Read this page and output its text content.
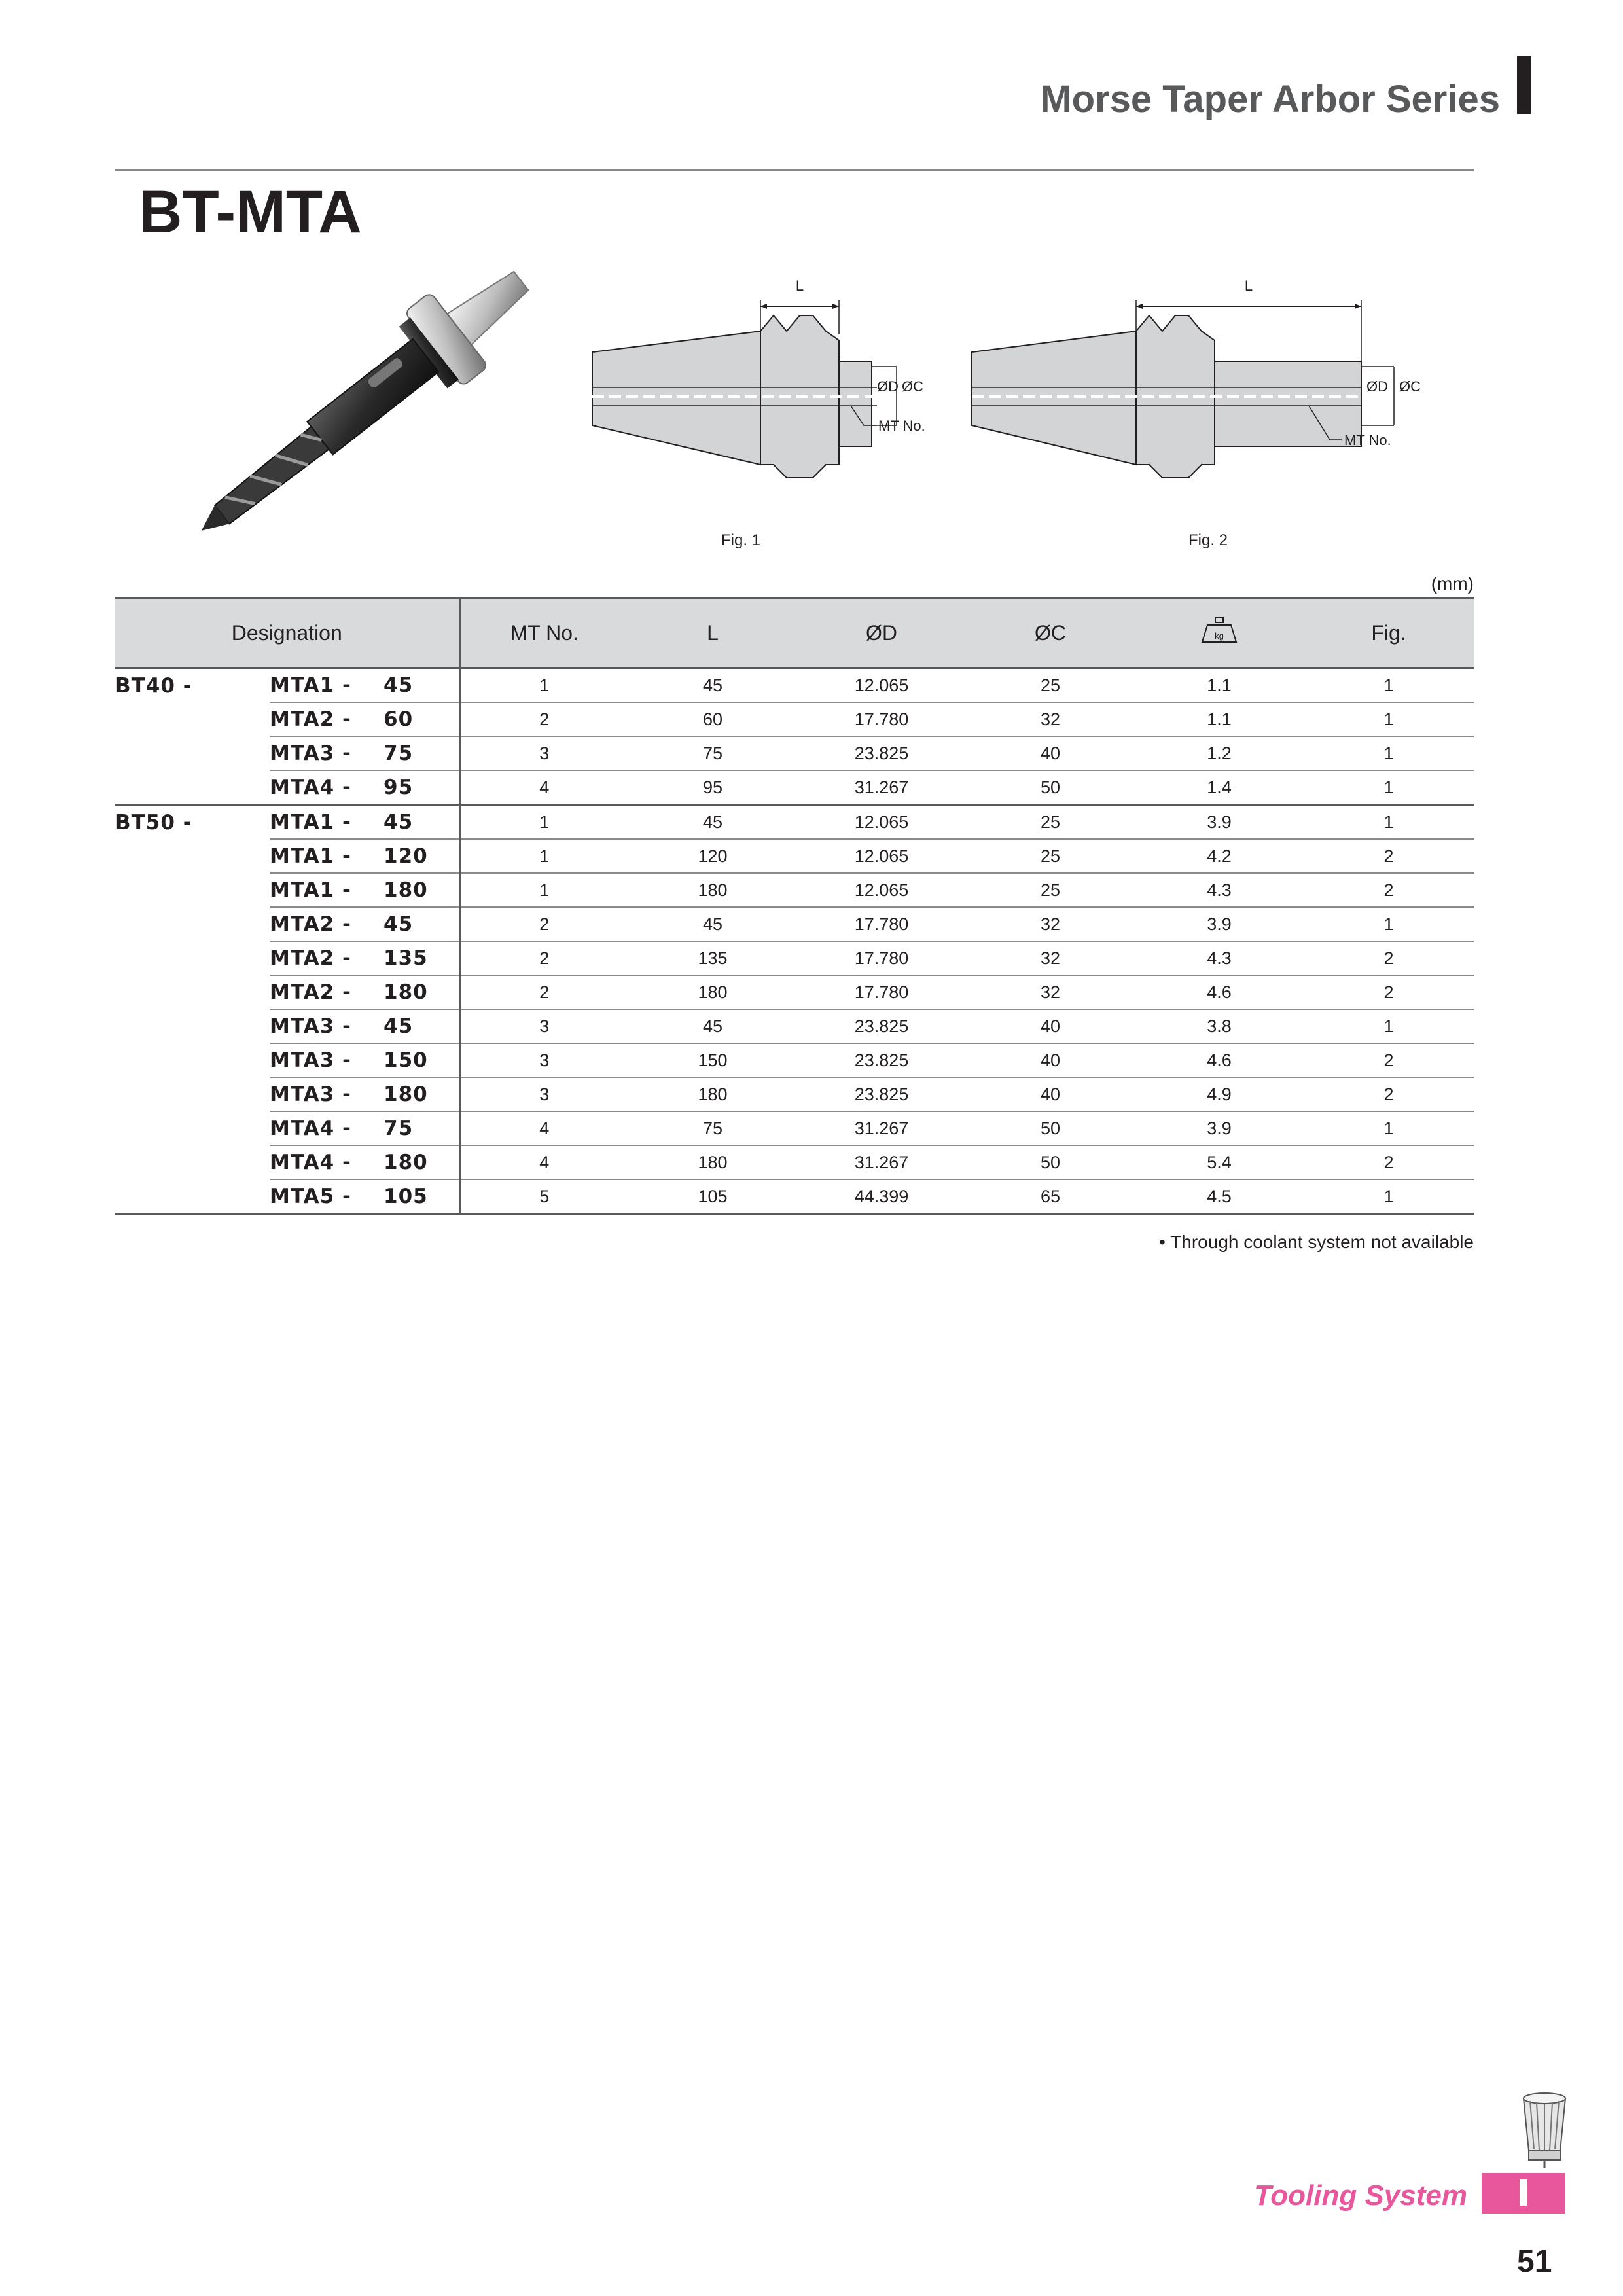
Morse Taper Arbor Series
BT-MTA
L
ØD ØC
MT No.
Fig. 1
L
ØD ØC
MT No.
Fig. 2
(mm)
Designation			MT No.	L	ØD	ØC	kg	Fig.
BT40 -	MTA1 -	45	1	45	12.065	25	1.1	1
	MTA2 -	60	2	60	17.780	32	1.1	1
	MTA3 -	75	3	75	23.825	40	1.2	1
	MTA4 -	95	4	95	31.267	50	1.4	1
BT50 -	MTA1 -	45	1	45	12.065	25	3.9	1
	MTA1 -	120	1	120	12.065	25	4.2	2
	MTA1 -	180	1	180	12.065	25	4.3	2
	MTA2 -	45	2	45	17.780	32	3.9	1
	MTA2 -	135	2	135	17.780	32	4.3	2
	MTA2 -	180	2	180	17.780	32	4.6	2
	MTA3 -	45	3	45	23.825	40	3.8	1
	MTA3 -	150	3	150	23.825	40	4.6	2
	MTA3 -	180	3	180	23.825	40	4.9	2
	MTA4 -	75	4	75	31.267	50	3.9	1
	MTA4 -	180	4	180	31.267	50	5.4	2
	MTA5 -	105	5	105	44.399	65	4.5	1
• Through coolant system not available
Tooling System
51
